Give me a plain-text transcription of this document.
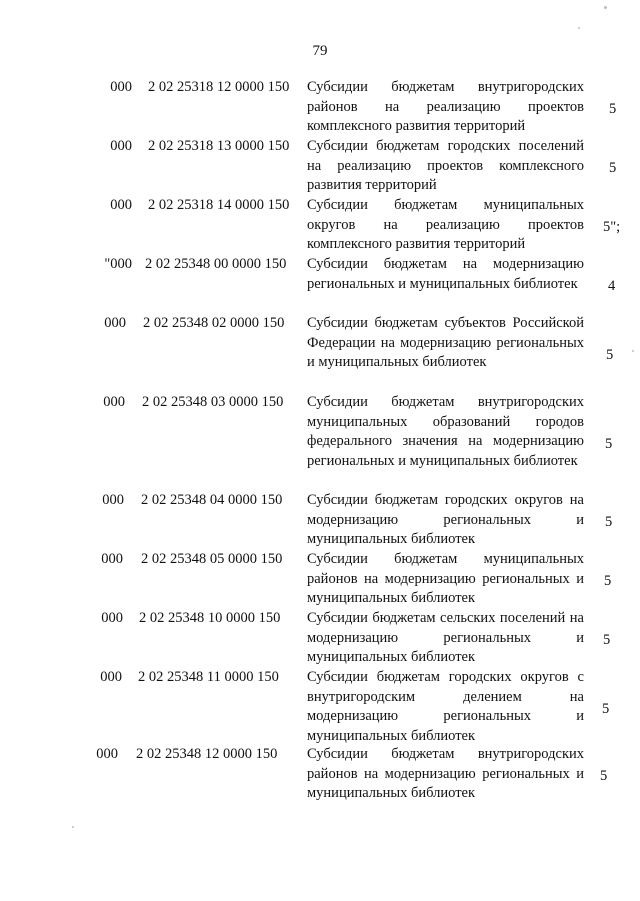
79
000 2 02 25318 12 0000 150 Субсидии бюджетам внутригородских районов на реализацию проектов комплексного развития территорий
5
000 2 02 25318 13 0000 150 Субсидии бюджетам городских поселений на реализацию проектов комплексного развития территорий
5
000 2 02 25318 14 0000 150 Субсидии бюджетам муниципальных округов на реализацию проектов комплексного развития территорий
5";
"000 2 02 25348 00 0000 150 Субсидии бюджетам на модернизацию региональных и муниципальных библиотек	4
000 2 02 25348 02 0000 150 Субсидии бюджетам субъектов Российской Федерации на модернизацию региональных и муниципальных библиотек	5
000 2 02 25348 03 0000 150 Субсидии бюджетам внутригородских муниципальных образований городов федерального значения на модернизацию региональных и муниципальных библиотек
5
000 2 02 25348 04 0000 150 Субсидии бюджетам городских округов на модернизацию региональных и муниципальных библиотек
5
000 2 02 25348 05 0000 150 Субсидии бюджетам муниципальных районов на модернизацию региональных и муниципальных библиотек
5
000 2 02 25348 10 0000 150 Субсидии бюджетам сельских поселений на модернизацию региональных и муниципальных библиотек
5
000 2 02 25348 11 0000 150 Субсидии бюджетам городских округов с внутригородским делением на модернизацию региональных и муниципальных библиотек
5
000 2 02 25348 12 0000 150 Субсидии бюджетам внутригородских районов на модернизацию региональных и муниципальных библиотек
5
